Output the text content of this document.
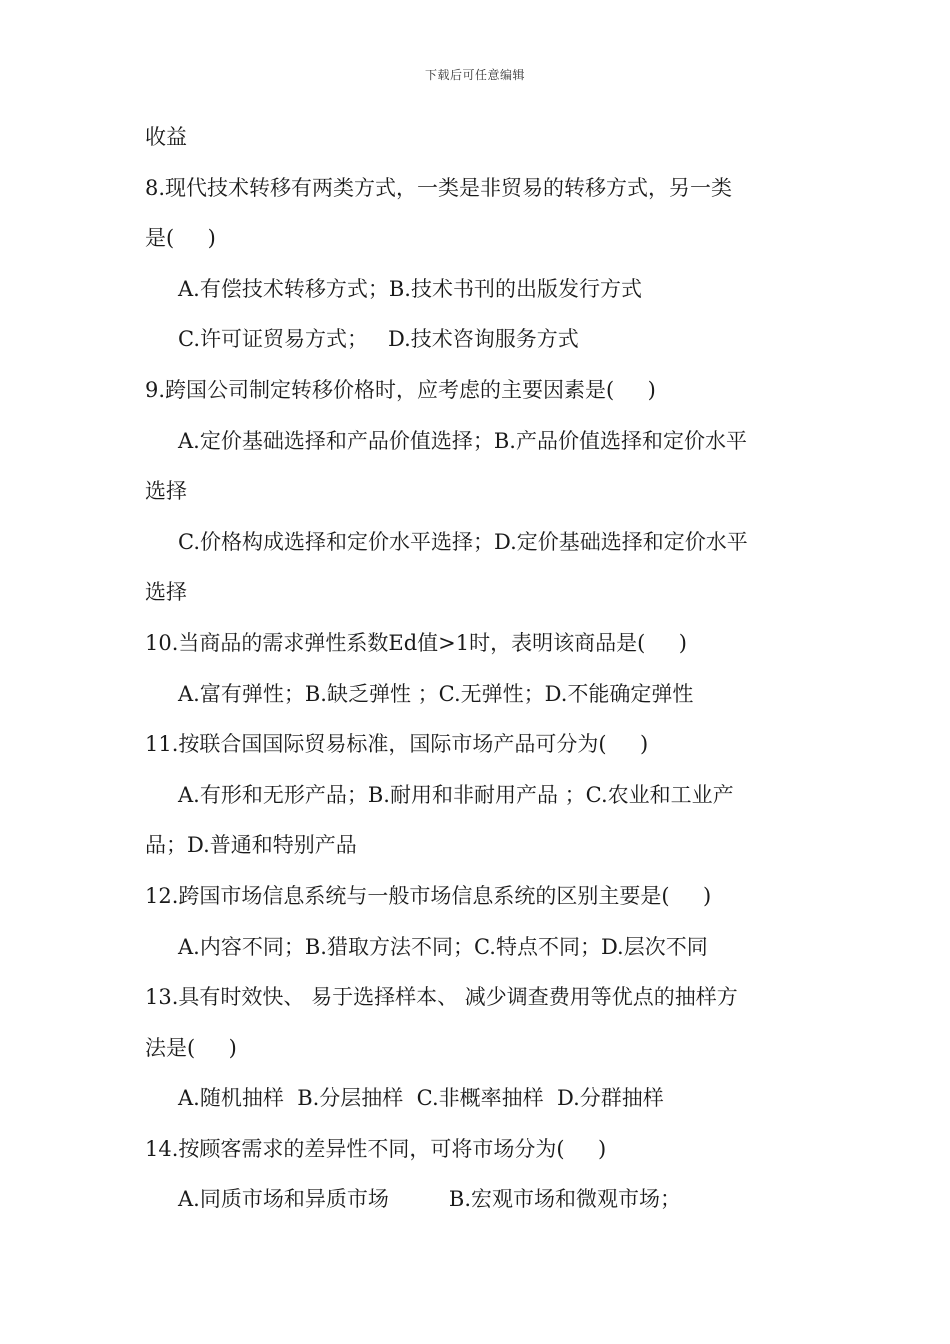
下载后可任意编辑
收益
8.现代技术转移有两类方式，一类是非贸易的转移方式，另一类
是(     )
A.有偿技术转移方式；B.技术书刊的出版发行方式
C.许可证贸易方式；   D.技术咨询服务方式
9.跨国公司制定转移价格时，应考虑的主要因素是(     )
A.定价基础选择和产品价值选择；B.产品价值选择和定价水平
选择
C.价格构成选择和定价水平选择；D.定价基础选择和定价水平
选择
10.当商品的需求弹性系数Ed值>1时，表明该商品是(     )
A.富有弹性；B.缺乏弹性 ；C.无弹性；D.不能确定弹性
11.按联合国国际贸易标准，国际市场产品可分为(     )
A.有形和无形产品；B.耐用和非耐用产品 ；C.农业和工业产
品；D.普通和特别产品
12.跨国市场信息系统与一般市场信息系统的区别主要是(     )
A.内容不同；B.猎取方法不同；C.特点不同；D.层次不同
13.具有时效快、 易于选择样本、 减少调查费用等优点的抽样方
法是(     )
A.随机抽样  B.分层抽样  C.非概率抽样  D.分群抽样
14.按顾客需求的差异性不同，可将市场分为(     )
A.同质市场和异质市场         B.宏观市场和微观市场；
